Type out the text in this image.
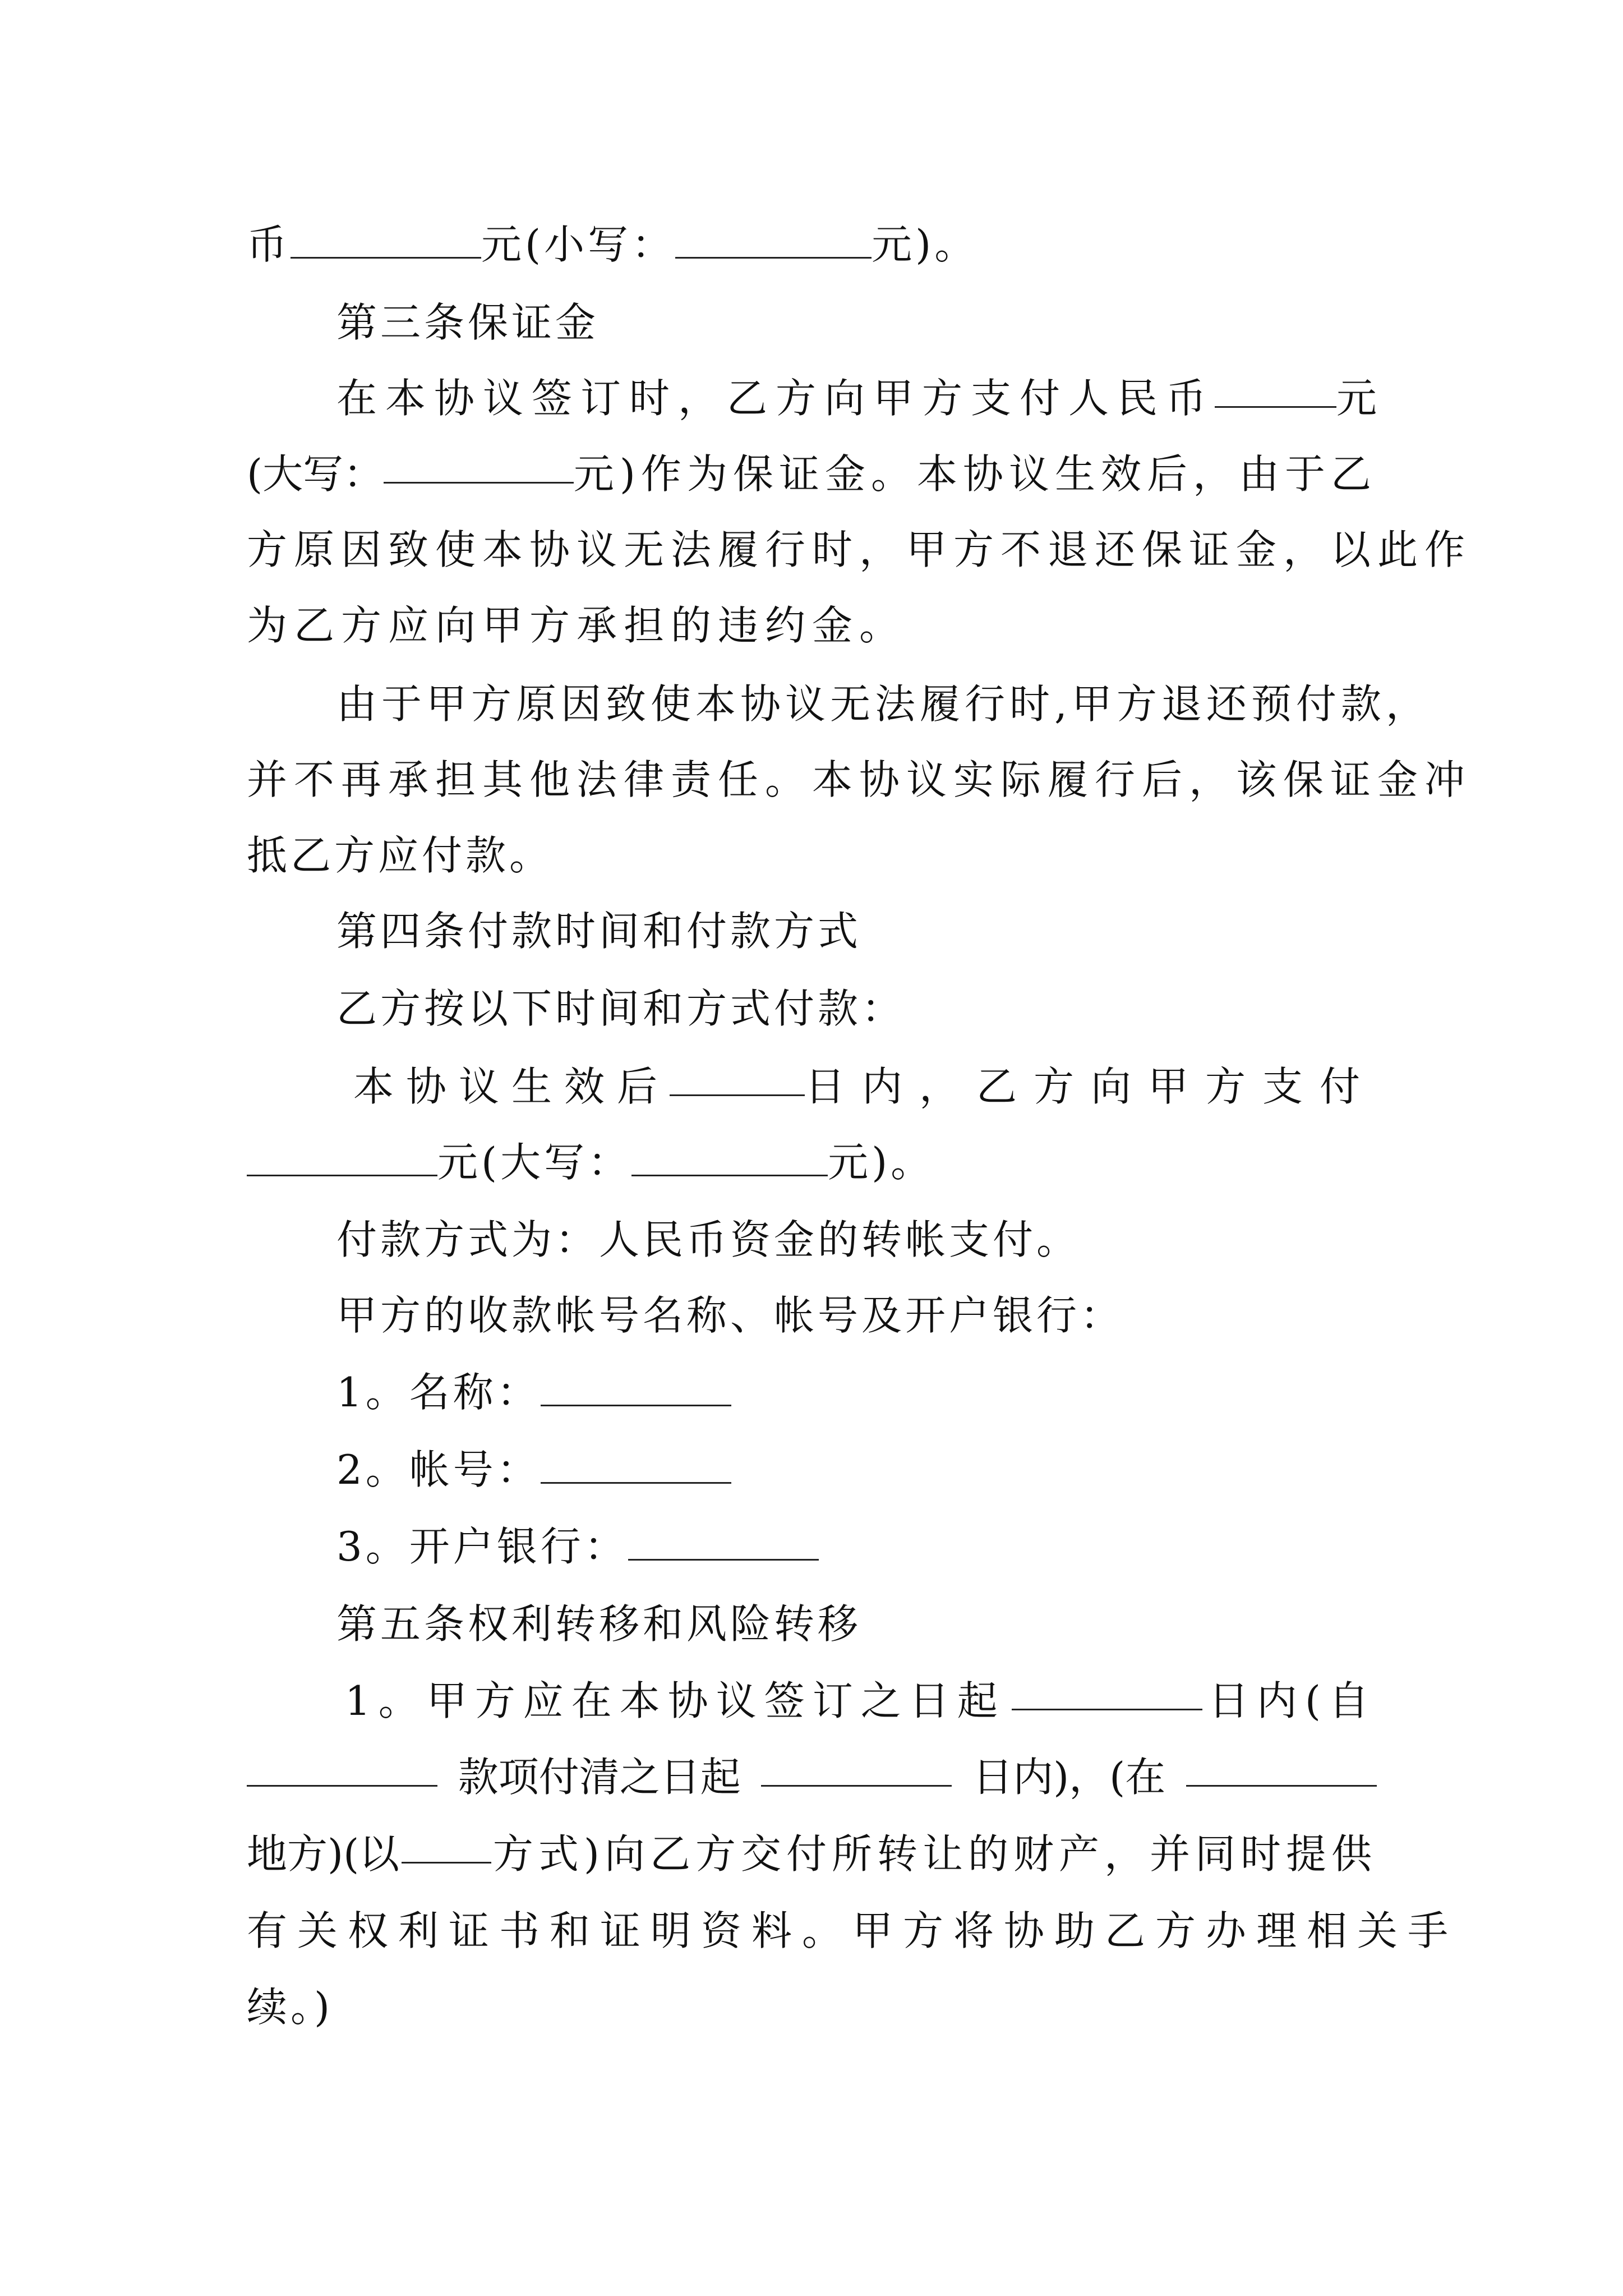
币	元(小写：	元)。
第三条保证金
在本协议签订时，乙方向甲方支付人民币	元
(大写：	元)作为保证金。本协议生效后，由于乙
方原因致使本协议无法履行时，甲方不退还保证金，以此作
为乙方应向甲方承担的违约金。
由于甲方原因致使本协议无法履行时,甲方退还预付款，
并不再承担其他法律责任。本协议实际履行后，该保证金冲
抵乙方应付款。
第四条付款时间和付款方式
乙方按以下时间和方式付款：
本协议生效后	日内，乙方向甲方支付
元(大写：	元)。
付款方式为：人民币资金的转帐支付。
甲方的收款帐号名称、帐号及开户银行：
1。名称：
2。帐号：
3。开户银行：
第五条权利转移和风险转移
1。甲方应在本协议签订之日起	日内(自
款项付清之日起	日内)，(在
地方)(以 方式)向乙方交付所转让的财产，并同时提供
有关权利证书和证明资料。甲方将协助乙方办理相关手
续。)
